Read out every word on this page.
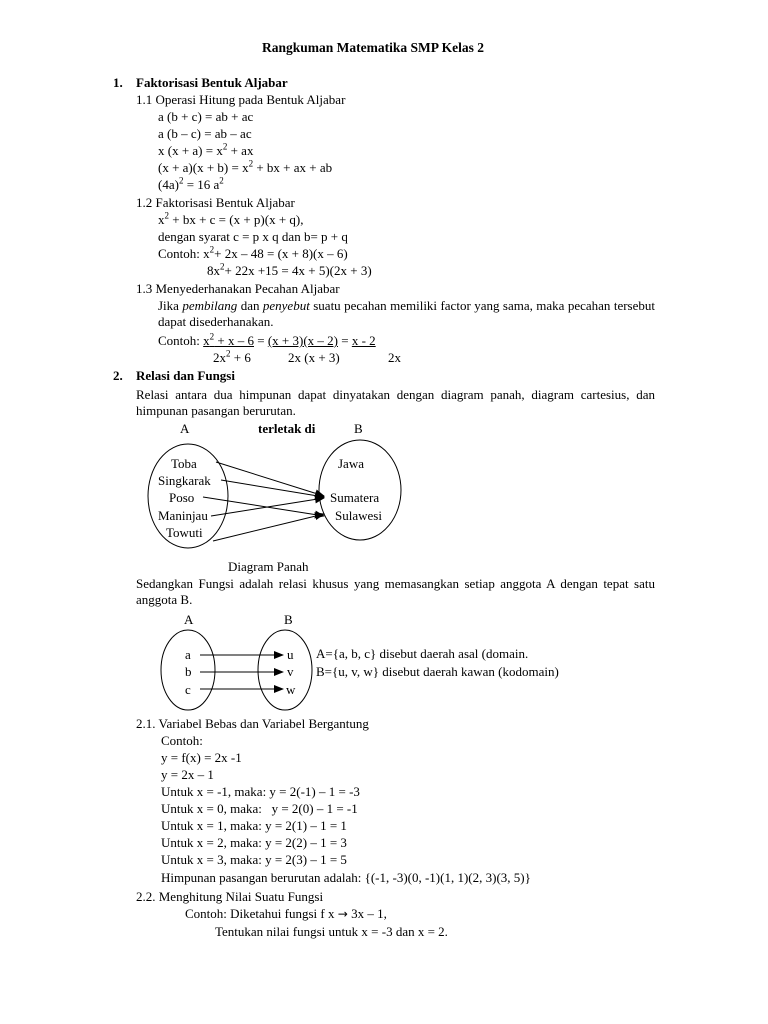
Rangkuman Matematika SMP Kelas 2
1. Faktorisasi Bentuk Aljabar
1.1 Operasi Hitung pada Bentuk Aljabar
a (b + c) = ab + ac
a (b – c) = ab – ac
x $(x + a) = x^2$ + ax
$(x + a)(x + b) = x^2$ + bx + ax + ab
$(4a)^2 = 16$ $a^2$
1.2 Faktorisasi Bentuk Aljabar
$x^2$ + bx + c = (x + p)(x + q),
dengan syarat c = p x q dan b= p + q
Contoh: $x^2+ 2x - 48 = (x + 8)(x - 6)$
$8x^2+ 22x +15 = 4x + 5)(2x + 3)$
1.3 Menyederhanakan Pecahan Aljabar
Jika pembilang dan penyebut suatu pecahan memiliki factor yang sama, maka pecahan tersebut dapat disederhanakan.
Contoh: $x^2 + x - 6 = (x + 3)(x - 2) = x - 2$
$2x^2 + 6$	2x (x + 3)	2x
2. Relasi dan Fungsi
Relasi antara dua himpunan dapat dinyatakan dengan diagram panah, diagram cartesius, dan himpunan pasangan berurutan.
A	terletak di	B
Toba
Singkarak
Poso
Maninjau
Towuti
Jawa
Sumatera
Sulawesi
Diagram Panah
Sedangkan Fungsi adalah relasi khusus yang memasangkan setiap anggota A dengan tepat satu anggota B.
A	B
a
b
c
u
v
w
A={a, b, c} disebut daerah asal (domain.
B={u, v, w} disebut daerah kawan (kodomain)
2.1. Variabel Bebas dan Variabel Bergantung
Contoh:
y = f(x) = 2x -1
y = 2x – 1
Untuk x = -1, maka: y = 2(-1) – 1 = -3
Untuk x = 0, maka:   y = 2(0) – 1 = -1
Untuk x = 1, maka: y = 2(1) – 1 = 1
Untuk x = 2, maka: y = 2(2) – 1 = 3
Untuk x = 3, maka: y = 2(3) – 1 = 5
Himpunan pasangan berurutan adalah: {(-1, -3)(0, -1)(1, 1)(2, 3)(3, 5)}
2.2. Menghitung Nilai Suatu Fungsi
Contoh: Diketahui fungsi f x → 3x – 1,
Tentukan nilai fungsi untuk x = -3 dan x = 2.
